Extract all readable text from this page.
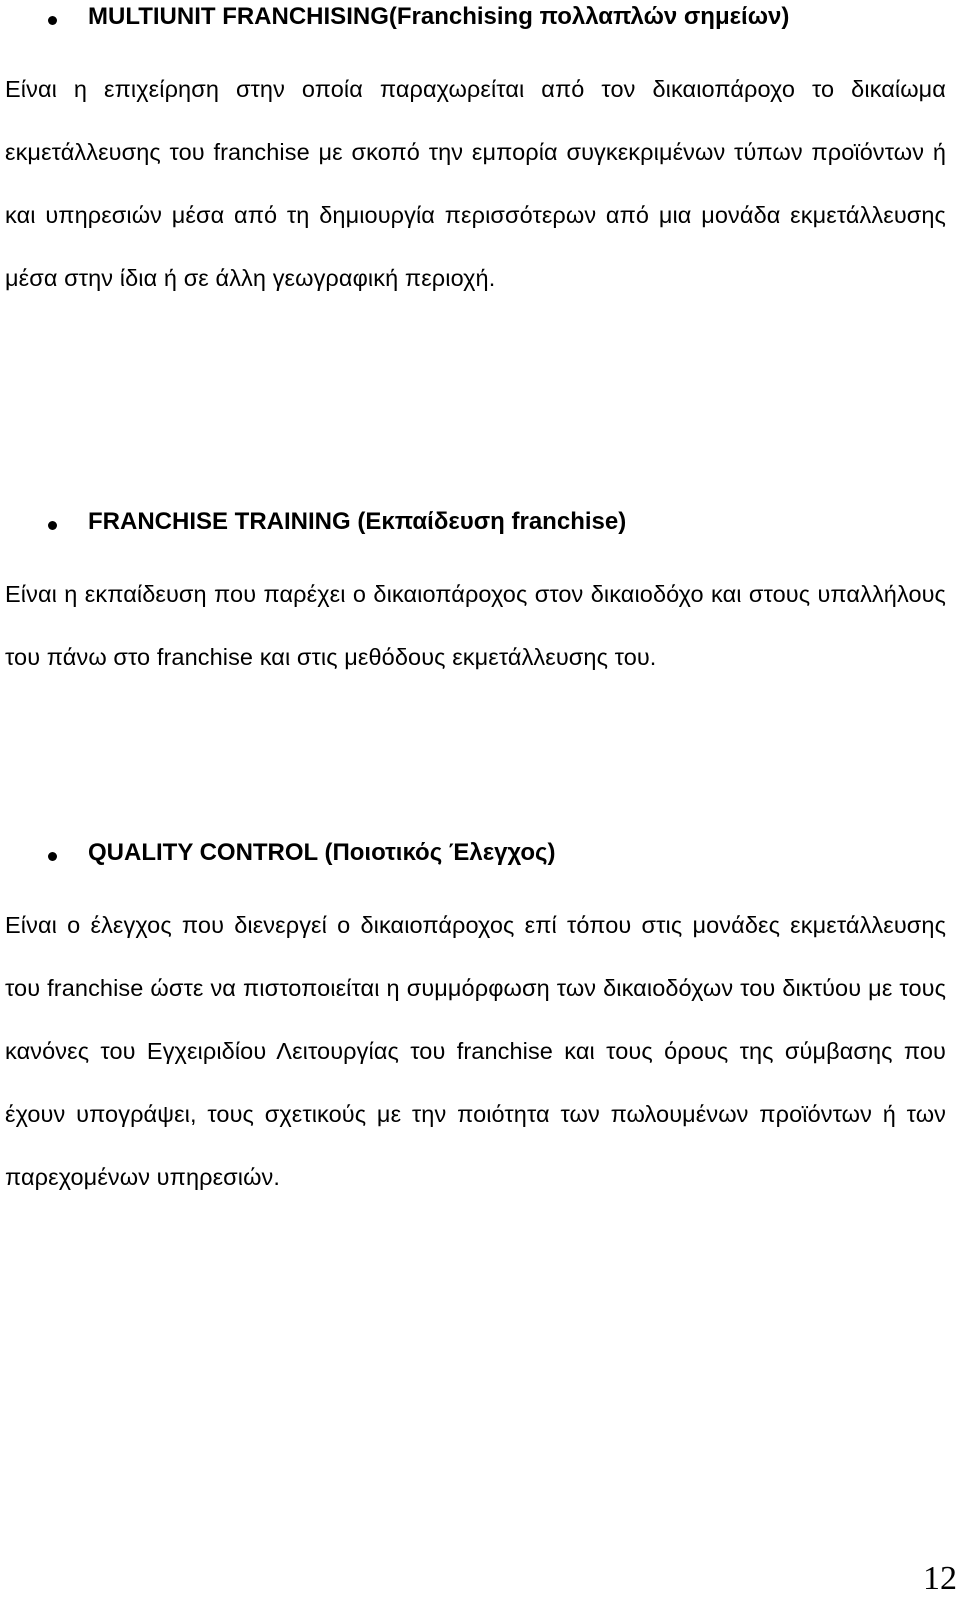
MULTIUNIT FRANCHISING(Franchising πολλαπλών σημείων)
Είναι η επιχείρηση στην οποία παραχωρείται από τον δικαιοπάροχο το δικαίωμα εκμετάλλευσης του franchise με σκοπό την εμπορία συγκεκριμένων τύπων προϊόντων ή και υπηρεσιών μέσα από τη δημιουργία περισσότερων από μια μονάδα εκμετάλλευσης μέσα στην ίδια ή σε άλλη γεωγραφική περιοχή.
FRANCHISE TRAINING (Εκπαίδευση franchise)
Είναι η εκπαίδευση που παρέχει ο δικαιοπάροχος στον δικαιοδόχο και στους υπαλλήλους του πάνω στο franchise και στις μεθόδους εκμετάλλευσης του.
QUALITY CONTROL (Ποιοτικός Έλεγχος)
Είναι ο έλεγχος που διενεργεί ο δικαιοπάροχος επί τόπου στις μονάδες εκμετάλλευσης του franchise ώστε να πιστοποιείται η συμμόρφωση των δικαιοδόχων του δικτύου με τους κανόνες του Εγχειριδίου Λειτουργίας του franchise και τους όρους της σύμβασης που έχουν υπογράψει, τους σχετικούς με την ποιότητα των πωλουμένων προϊόντων ή των παρεχομένων υπηρεσιών.
12
